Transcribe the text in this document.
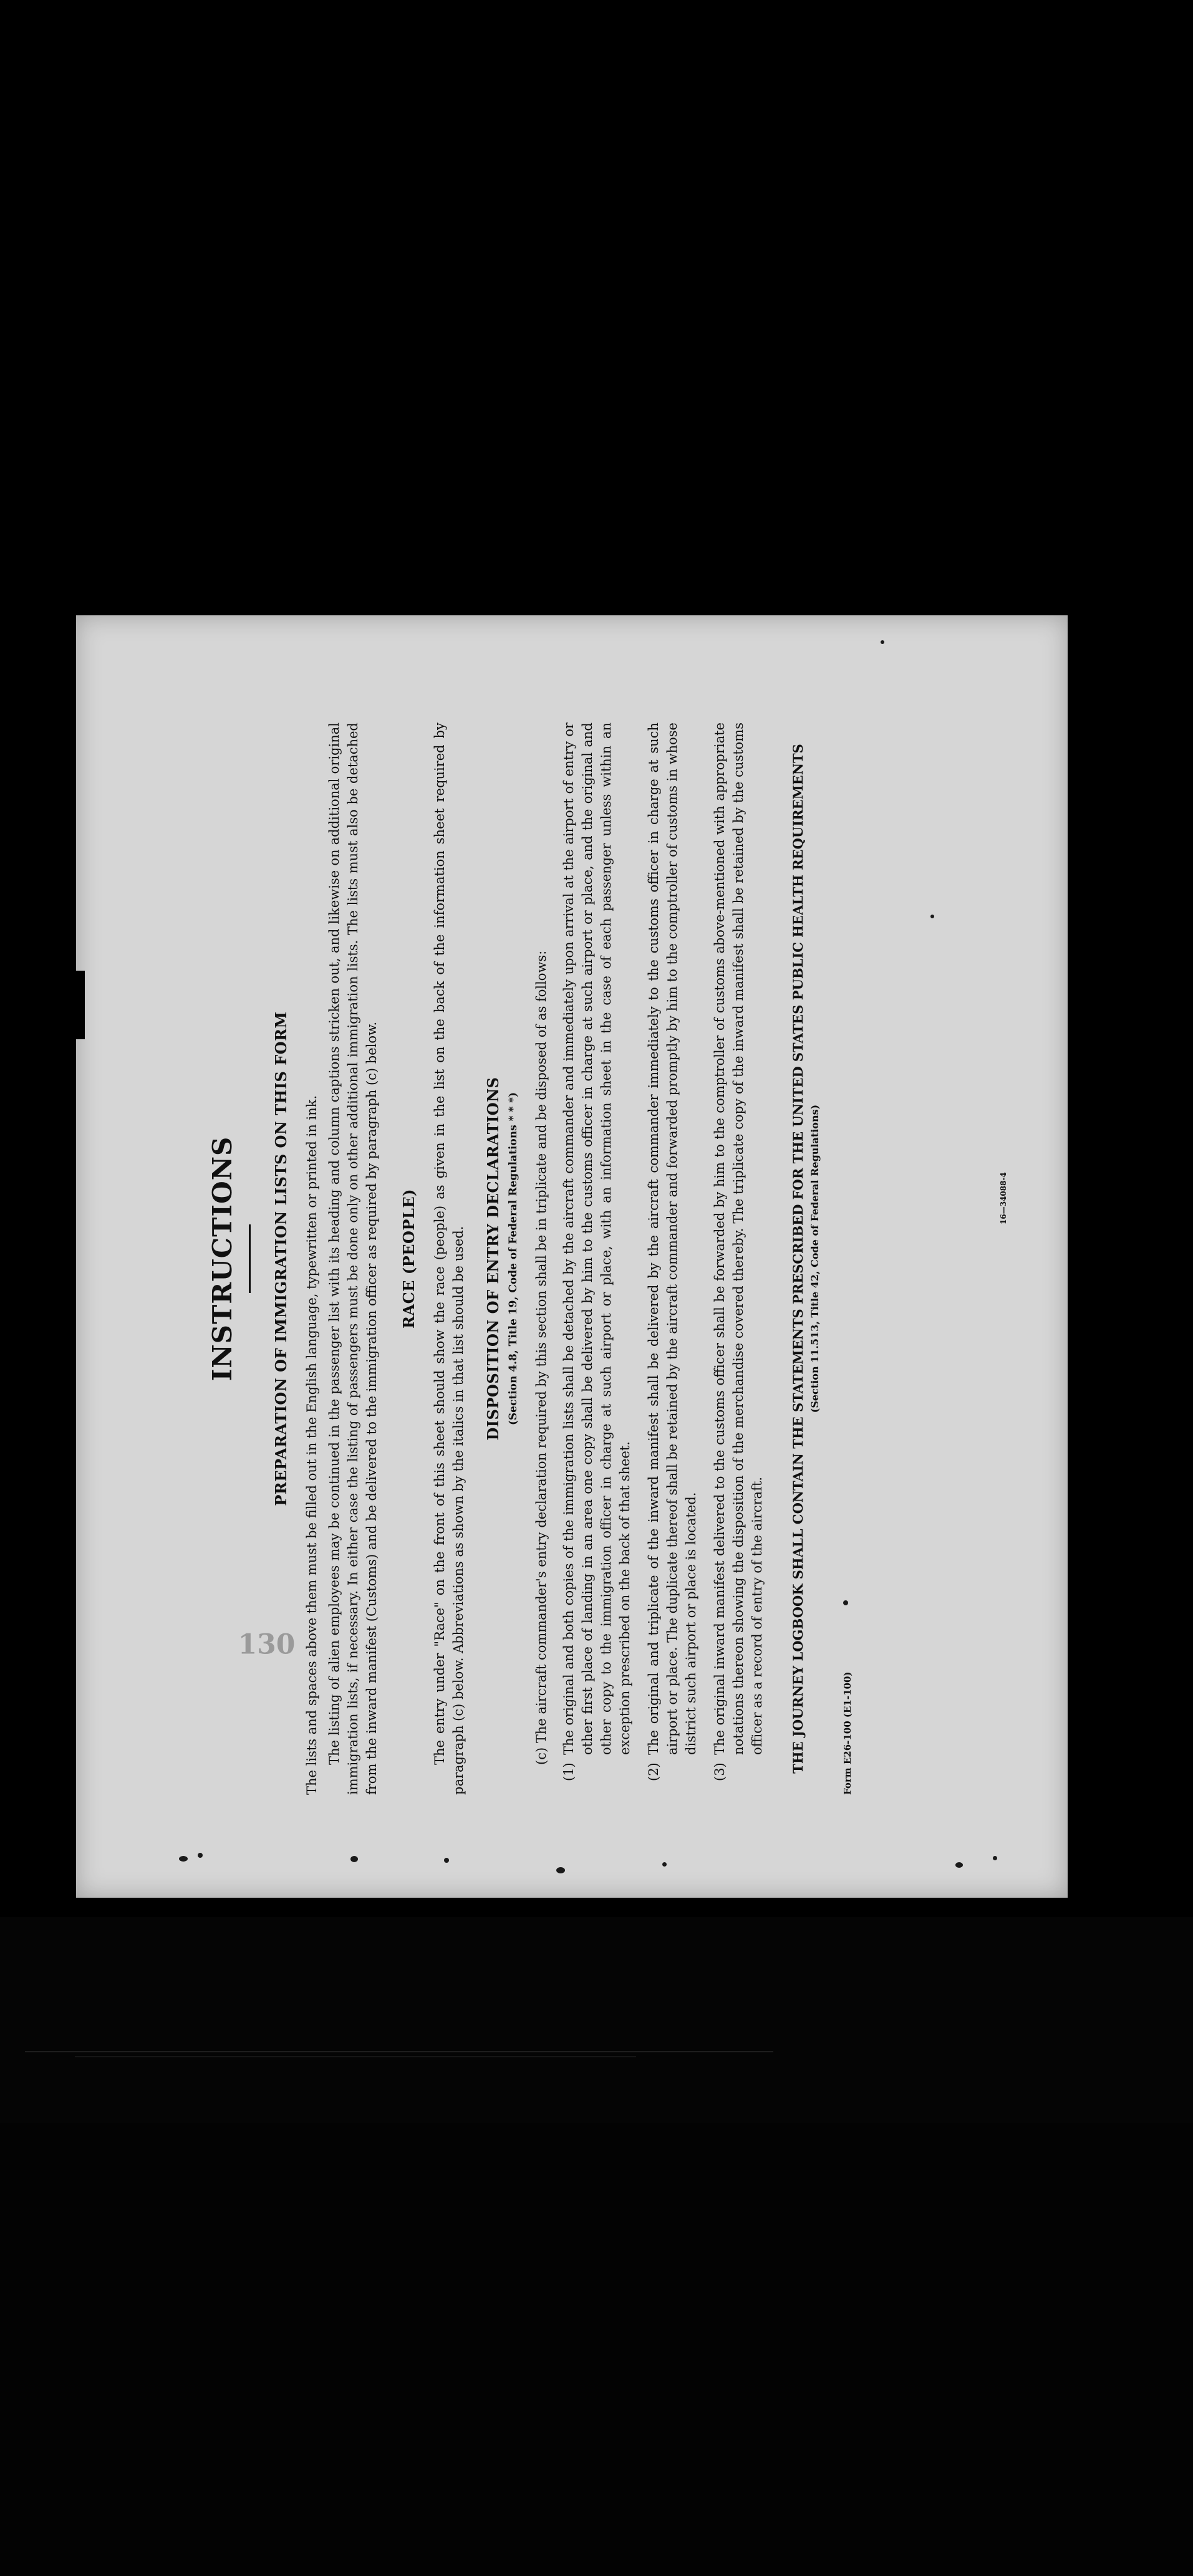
130
INSTRUCTIONS PREPARATION OF IMMIGRATION LISTS ON THIS FORM The lists and spaces above them must be filled out in the English language, typewritten or printed in ink. The listing of alien employees may be continued in the passenger list with its heading and column captions stricken out, and likewise on additional original immigration lists, if necessary. In either case the listing of passengers must be done only on other additional immigration lists. The lists must also be detached from the inward manifest (Customs) and be delivered to the immigration officer as required by paragraph (c) below. RACE (PEOPLE) The entry under "Race" on the front of this sheet should show the race (people) as given in the list on the back of the information sheet required by paragraph (c) below. Abbreviations as shown by the italics in that list should be used. DISPOSITION OF ENTRY DECLARATIONS (Section 4.8, Title 19, Code of Federal Regulations * * *) (c) The aircraft commander's entry declaration required by this section shall be in triplicate and be disposed of as follows:

(1)
The original and both copies of the immigration lists shall be detached by the aircraft commander and immediately upon arrival at the airport of entry or other first place of landing in an area one copy shall be delivered by him to the customs officer in charge at such airport or place, and the original and other copy to the immigration officer in charge at such airport or place, with an information sheet in the case of each passenger unless within an exception prescribed on the back of that sheet.
(2)
The original and triplicate of the inward manifest shall be delivered by the aircraft commander immediately to the customs officer in charge at such airport or place. The duplicate thereof shall be retained by the aircraft commander and forwarded promptly by him to the comptroller of customs in whose district such airport or place is located.
(3)
The original inward manifest delivered to the customs officer shall be forwarded by him to the comptroller of customs above-mentioned with appropriate notations thereon showing the disposition of the merchandise covered thereby. The triplicate copy of the inward manifest shall be retained by the customs officer as a record of entry of the aircraft. THE JOURNEY LOGBOOK SHALL CONTAIN THE STATEMENTS PRESCRIBED FOR THE UNITED STATES PUBLIC HEALTH REQUIREMENTS (Section 11.513, Title 42, Code of Federal Regulations)
Form E26-100 (E1-100)
16—34088-4
